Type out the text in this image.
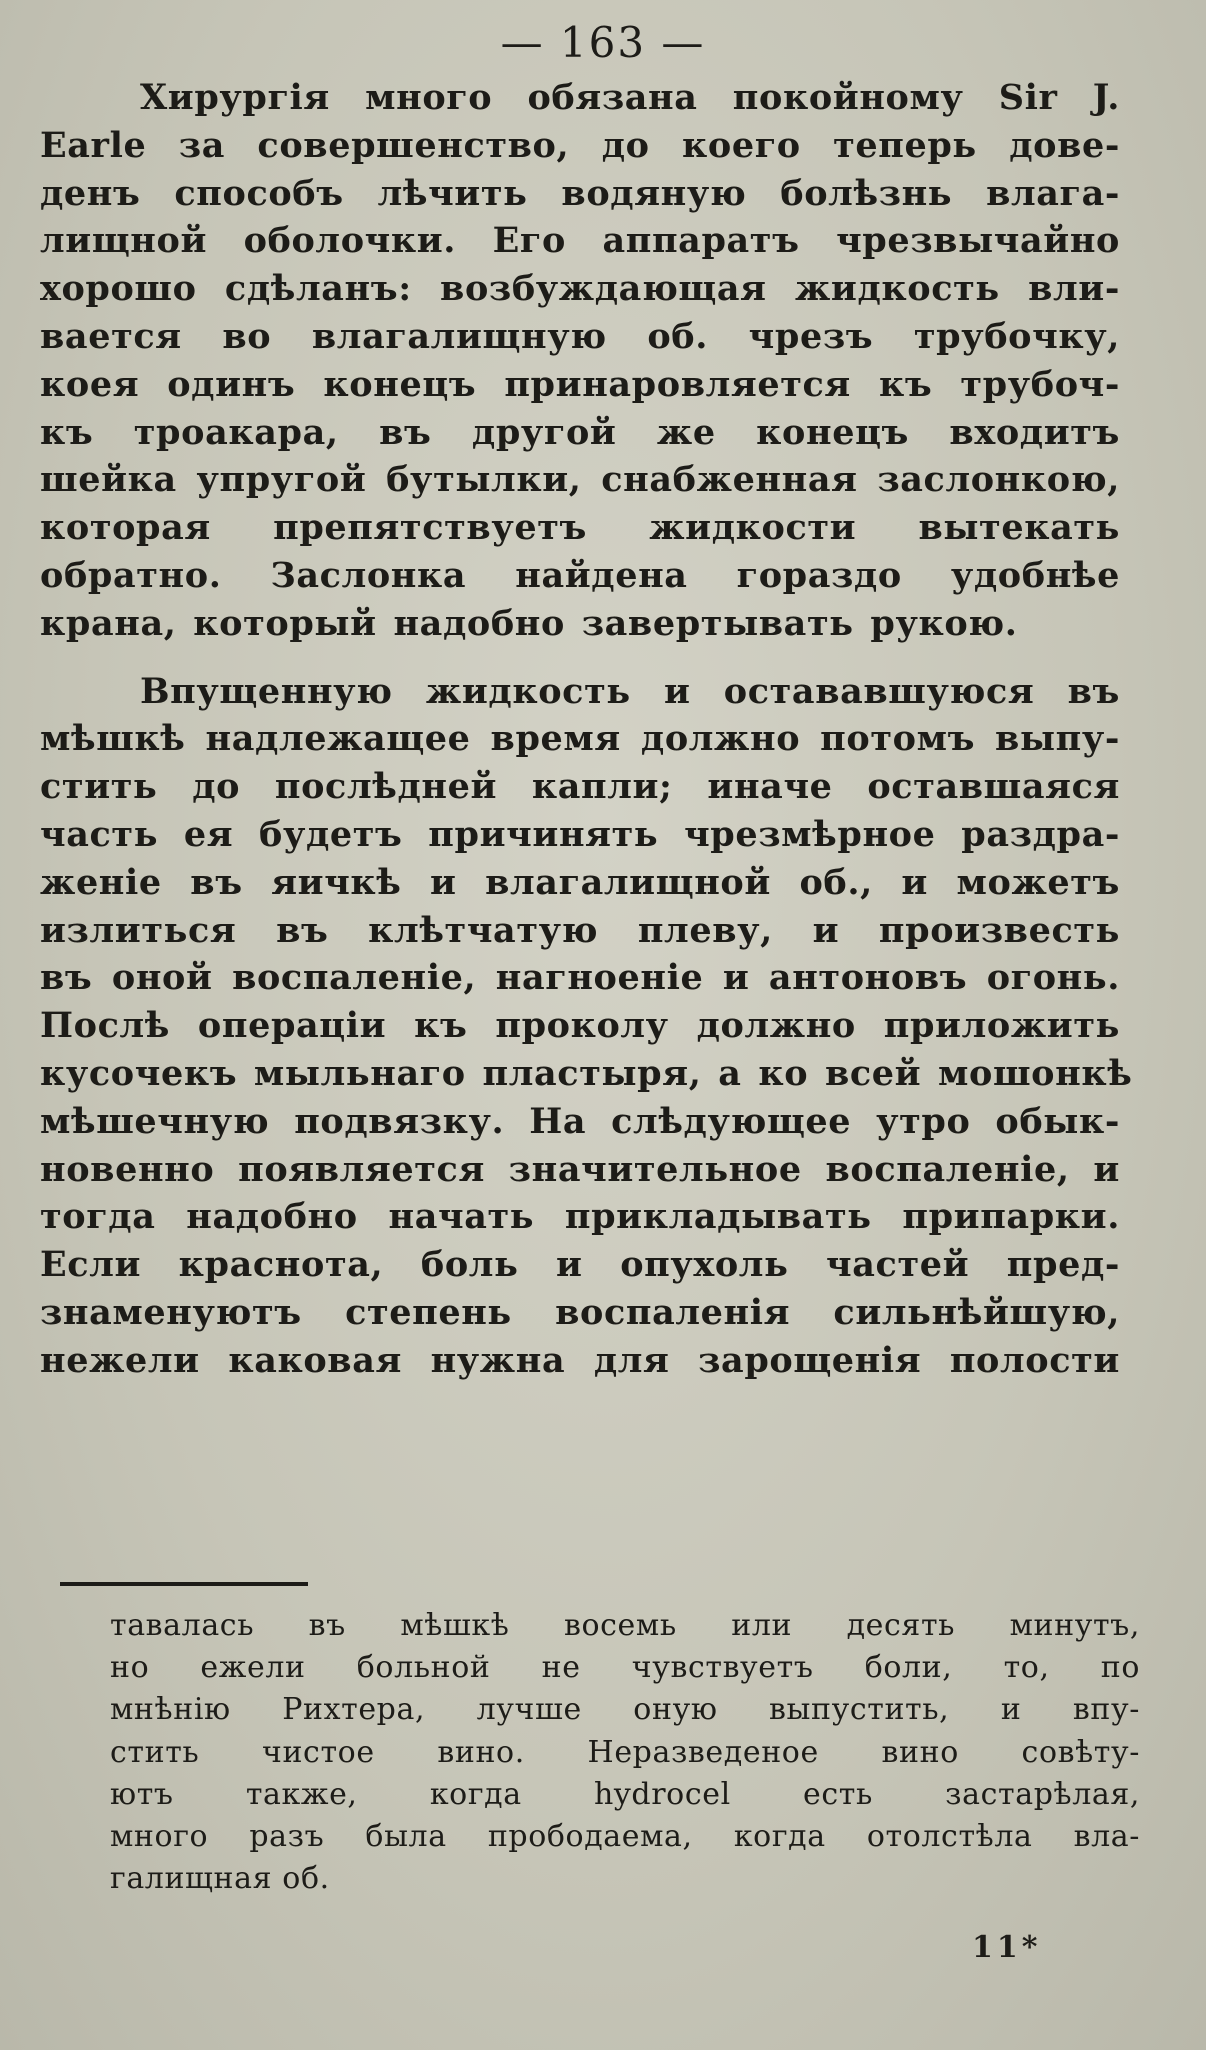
— 163 —
Хирургія много обязана покойному Sir J.
Earle за совершенство, до коего теперь дове-
денъ способъ лѣчить водяную болѣзнь влага-
лищной оболочки. Его аппаратъ чрезвычайно
хорошо сдѣланъ: возбуждающая жидкость вли-
вается во влагалищную об. чрезъ трубочку,
коея одинъ конецъ принаровляется къ трубоч-
къ троакара, въ другой же конецъ входитъ
шейка упругой бутылки, снабженная заслонкою,
которая препятствуетъ жидкости вытекать
обратно. Заслонка найдена гораздо удобнѣе
крана, который надобно завертывать рукою.
Впущенную жидкость и остававшуюся въ
мѣшкѣ надлежащее время должно потомъ выпу-
стить до послѣдней капли; иначе оставшаяся
часть ея будетъ причинять чрезмѣрное раздра-
женіе въ яичкѣ и влагалищной об., и можетъ
излиться въ клѣтчатую плеву, и произвесть
въ оной воспаленіе, нагноеніе и антоновъ огонь.
Послѣ операціи къ проколу должно приложить
кусочекъ мыльнаго пластыря, а ко всей мошонкѣ
мѣшечную подвязку. На слѣдующее утро обык-
новенно появляется значительное воспаленіе, и
тогда надобно начать прикладывать припарки.
Если краснота, боль и опухоль частей пред-
знаменуютъ степень воспаленія сильнѣйшую,
нежели каковая нужна для зарощенія полости
тавалась въ мѣшкѣ восемь или десять минутъ,
но ежели больной не чувствуетъ боли, то, по
мнѣнію Рихтера, лучше оную выпустить, и впу-
стить чистое вино. Неразведеное вино совѣту-
ютъ также, когда hydrocel есть застарѣлая,
много разъ была прободаема, когда отолстѣла вла-
галищная об.
11*
